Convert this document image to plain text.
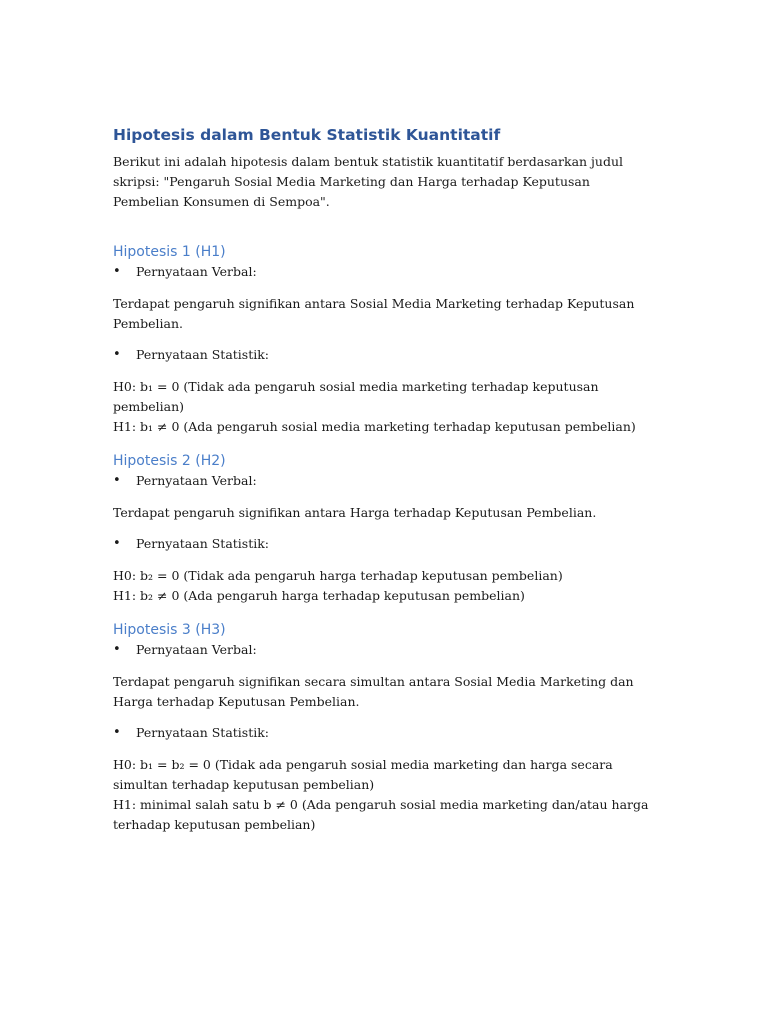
Hipotesis dalam Bentuk Statistik Kuantitatif

Berikut ini adalah hipotesis dalam bentuk statistik kuantitatif berdasarkan judul skripsi: "Pengaruh Sosial Media Marketing dan Harga terhadap Keputusan Pembelian Konsumen di Sempoa".

Hipotesis 1 (H1)
• Pernyataan Verbal:

Terdapat pengaruh signifikan antara Sosial Media Marketing terhadap Keputusan Pembelian.

• Pernyataan Statistik:

H0: b₁ = 0 (Tidak ada pengaruh sosial media marketing terhadap keputusan pembelian)

H1: b₁ ≠ 0 (Ada pengaruh sosial media marketing terhadap keputusan pembelian)

Hipotesis 2 (H2)
• Pernyataan Verbal:

Terdapat pengaruh signifikan antara Harga terhadap Keputusan Pembelian.

• Pernyataan Statistik:

H0: b₂ = 0 (Tidak ada pengaruh harga terhadap keputusan pembelian)

H1: b₂ ≠ 0 (Ada pengaruh harga terhadap keputusan pembelian)

Hipotesis 3 (H3)
• Pernyataan Verbal:

Terdapat pengaruh signifikan secara simultan antara Sosial Media Marketing dan Harga terhadap Keputusan Pembelian.

• Pernyataan Statistik:

H0: b₁ = b₂ = 0 (Tidak ada pengaruh sosial media marketing dan harga secara simultan terhadap keputusan pembelian)

H1: minimal salah satu b ≠ 0 (Ada pengaruh sosial media marketing dan/atau harga terhadap keputusan pembelian)
